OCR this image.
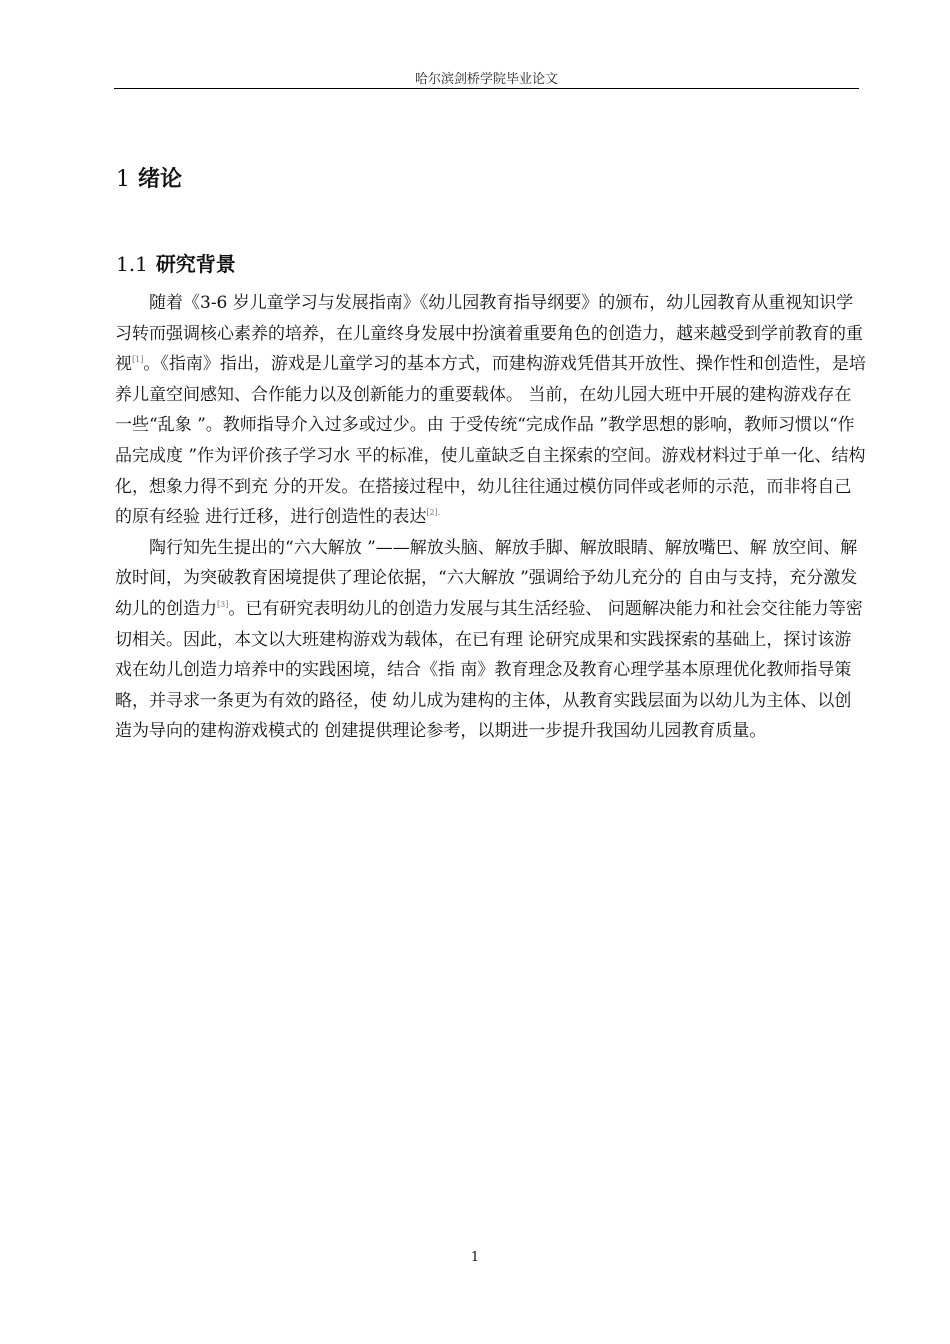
哈尔滨剑桥学院毕业论文
1 绪论
1.1 研究背景

随着《3-6 岁儿童学习与发展指南》《幼儿园教育指导纲要》的颁布，幼儿园教育从重视知识学习转而强调核心素养的培养，在儿童终身发展中扮演着重要角色的创造力，越来越受到学前教育的重视[1]。《指南》指出，游戏是儿童学习的基本方式，而建构游戏凭借其开放性、操作性和创造性，是培养儿童空间感知、合作能力以及创新能力的重要载体。 当前，在幼儿园大班中开展的建构游戏存在一些“乱象 ”。教师指导介入过多或过少。由 于受传统“完成作品 ”教学思想的影响，教师习惯以“作品完成度 ”作为评价孩子学习水 平的标准，使儿童缺乏自主探索的空间。游戏材料过于单一化、结构化，想象力得不到充 分的开发。在搭接过程中，幼儿往往通过模仿同伴或老师的示范，而非将自己的原有经验 进行迁移，进行创造性的表达$^{[2].}$

陶行知先生提出的“六大解放 ”——解放头脑、解放手脚、解放眼睛、解放嘴巴、解 放空间、解放时间，为突破教育困境提供了理论依据，“六大解放 ”强调给予幼儿充分的 自由与支持，充分激发幼儿的创造力[3]。已有研究表明幼儿的创造力发展与其生活经验、 问题解决能力和社会交往能力等密切相关。因此，本文以大班建构游戏为载体，在已有理 论研究成果和实践探索的基础上，探讨该游戏在幼儿创造力培养中的实践困境，结合《指 南》教育理念及教育心理学基本原理优化教师指导策略，并寻求一条更为有效的路径，使 幼儿成为建构的主体，从教育实践层面为以幼儿为主体、以创造为导向的建构游戏模式的 创建提供理论参考，以期进一步提升我国幼儿园教育质量。

1
